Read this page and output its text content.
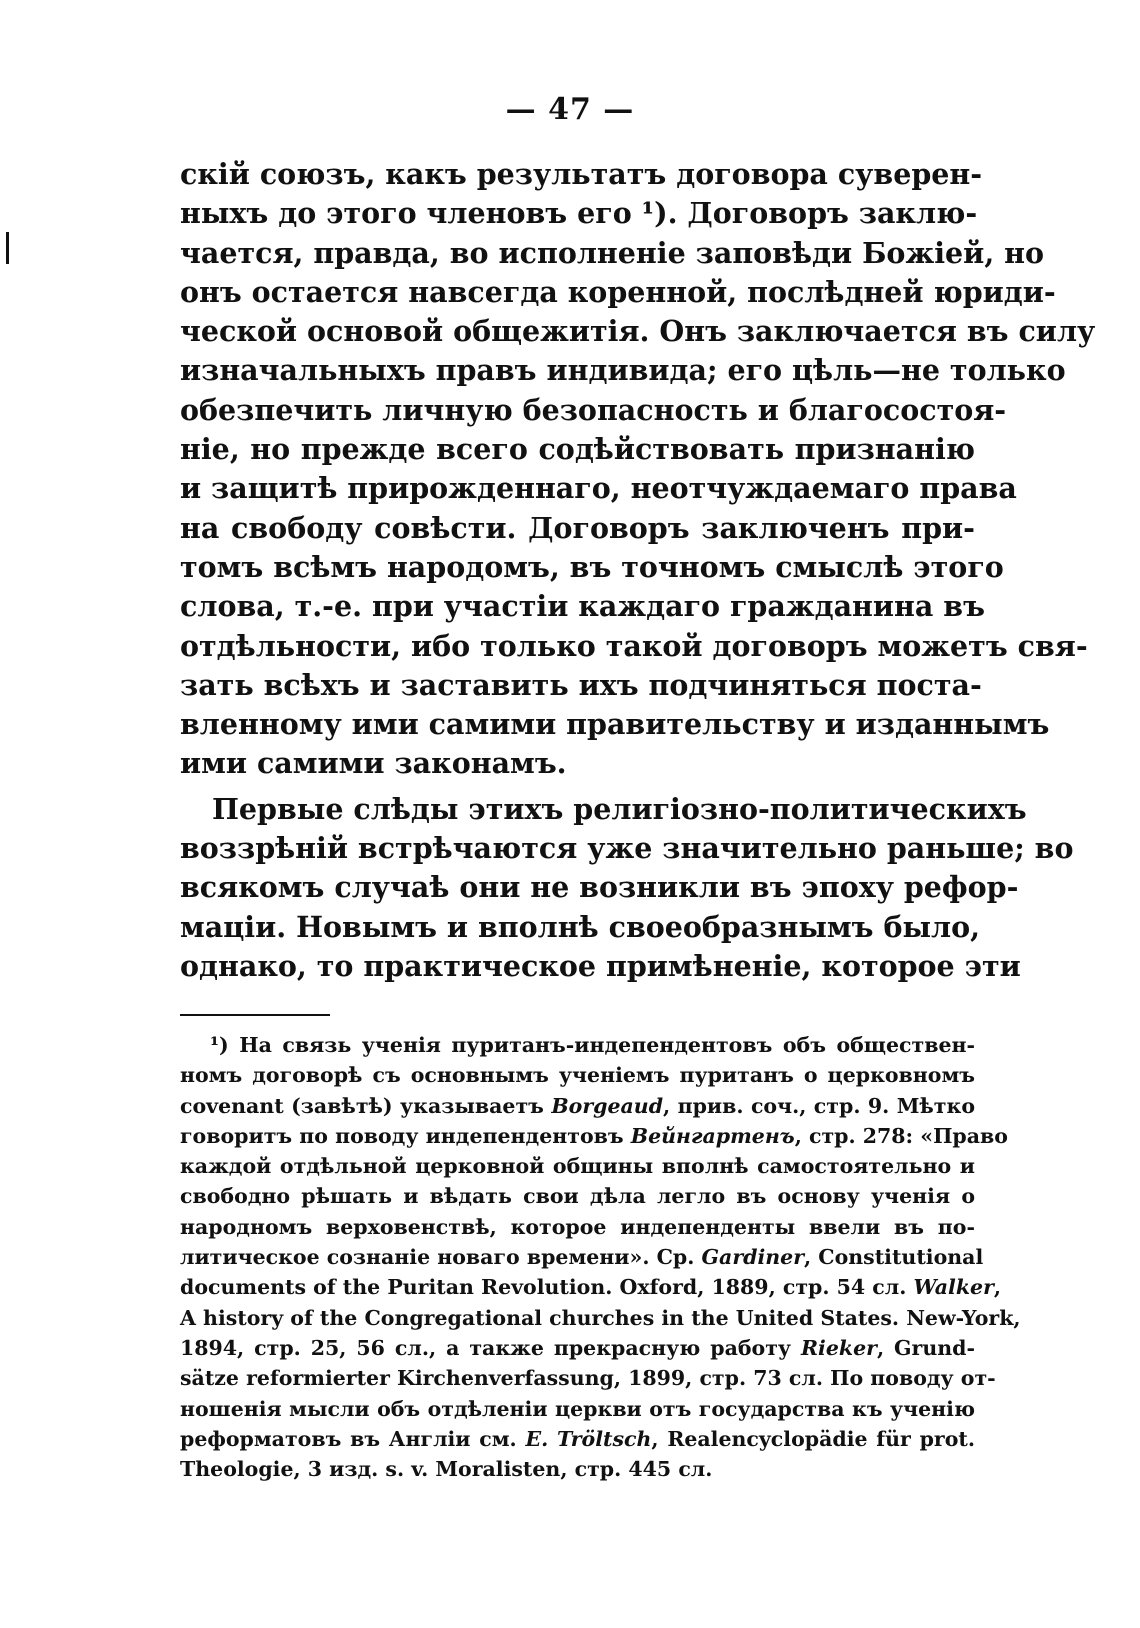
— 47 —
скій союзъ, какъ результатъ договора суверен-
ныхъ до этого членовъ его ¹). Договоръ заклю-
чается, правда, во исполненіе заповѣди Божіей, но
онъ остается навсегда коренной, послѣдней юриди-
ческой основой общежитія. Онъ заключается въ силу
изначальныхъ правъ индивида; его цѣль—не только
обезпечить личную безопасность и благосостоя-
ніе, но прежде всего содѣйствовать признанію
и защитѣ прирожденнаго, неотчуждаемаго права
на свободу совѣсти. Договоръ заключенъ при-
томъ всѣмъ народомъ, въ точномъ смыслѣ этого
слова, т.-е. при участіи каждаго гражданина въ
отдѣльности, ибо только такой договоръ можетъ свя-
зать всѣхъ и заставить ихъ подчиняться поста-
вленному ими самими правительству и изданнымъ
ими самими законамъ.
Первые слѣды этихъ религіозно-политическихъ
воззрѣній встрѣчаются уже значительно раньше; во
всякомъ случаѣ они не возникли въ эпоху рефор-
маціи. Новымъ и вполнѣ своеобразнымъ было,
однако, то практическое примѣненіе, которое эти
¹) На связь ученія пуританъ-индепендентовъ объ обществен-
номъ договорѣ съ основнымъ ученіемъ пуританъ о церковномъ
covenant (завѣтѣ) указываетъ Borgeaud, прив. соч., стр. 9. Мѣтко
говоритъ по поводу индепендентовъ Вейнгартенъ, стр. 278: «Право
каждой отдѣльной церковной общины вполнѣ самостоятельно и
свободно рѣшать и вѣдать свои дѣла легло въ основу ученія о
народномъ верховенствѣ, которое индепенденты ввели въ по-
литическое сознаніе новаго времени». Ср. Gardiner, Constitutional
documents of the Puritan Revolution. Oxford, 1889, стр. 54 сл. Walker,
A history of the Congregational churches in the United States. New-York,
1894, стр. 25, 56 сл., а также прекрасную работу Rieker, Grund-
sätze reformierter Kirchenverfassung, 1899, стр. 73 сл. По поводу от-
ношенія мысли объ отдѣленіи церкви отъ государства къ ученію
реформатовъ въ Англіи см. E. Tröltsch, Realencyclopädie für prot.
Theologie, 3 изд. s. v. Moralisten, стр. 445 сл.
